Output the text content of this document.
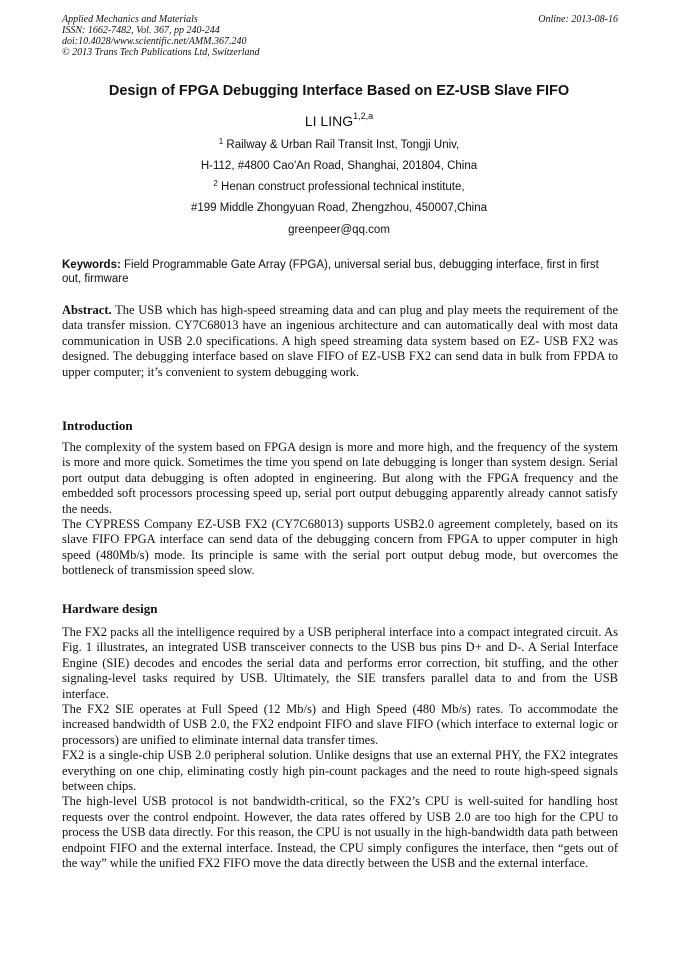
Applied Mechanics and Materials
ISSN: 1662-7482, Vol. 367, pp 240-244
doi:10.4028/www.scientific.net/AMM.367.240
© 2013 Trans Tech Publications Ltd, Switzerland
Online: 2013-08-16
Design of FPGA Debugging Interface Based on EZ-USB Slave FIFO
LI LING$^{1,2,a}$
$^1$ Railway & Urban Rail Transit Inst, Tongji Univ,
H-112, #4800 Cao'An Road, Shanghai, 201804, China
$^2$ Henan construct professional technical institute,
#199 Middle Zhongyuan Road, Zhengzhou, 450007,China
greenpeer@qq.com
Keywords: Field Programmable Gate Array (FPGA), universal serial bus, debugging interface, first in first out, firmware

Abstract. The USB which has high-speed streaming data and can plug and play meets the requirement of the data transfer mission. CY7C68013 have an ingenious architecture and can automatically deal with most data communication in USB 2.0 specifications. A high speed streaming data system based on EZ- USB FX2 was designed. The debugging interface based on slave FIFO of EZ-USB FX2 can send data in bulk from FPDA to upper computer; it’s convenient to system debugging work.

Introduction

The complexity of the system based on FPGA design is more and more high, and the frequency of the system is more and more quick. Sometimes the time you spend on late debugging is longer than system design. Serial port output data debugging is often adopted in engineering. But along with the FPGA frequency and the embedded soft processors processing speed up, serial port output debugging apparently already cannot satisfy the needs.

The CYPRESS Company EZ-USB FX2 (CY7C68013) supports USB2.0 agreement completely, based on its slave FIFO FPGA interface can send data of the debugging concern from FPGA to upper computer in high speed (480Mb/s) mode. Its principle is same with the serial port output debug mode, but overcomes the bottleneck of transmission speed slow.

Hardware design

The FX2 packs all the intelligence required by a USB peripheral interface into a compact integrated circuit. As Fig. 1 illustrates, an integrated USB transceiver connects to the USB bus pins D+ and D-. A Serial Interface Engine (SIE) decodes and encodes the serial data and performs error correction, bit stuffing, and the other signaling-level tasks required by USB. Ultimately, the SIE transfers parallel data to and from the USB interface.

The FX2 SIE operates at Full Speed (12 Mb/s) and High Speed (480 Mb/s) rates. To accommodate the increased bandwidth of USB 2.0, the FX2 endpoint FIFO and slave FIFO (which interface to external logic or processors) are unified to eliminate internal data transfer times.

FX2 is a single-chip USB 2.0 peripheral solution. Unlike designs that use an external PHY, the FX2 integrates everything on one chip, eliminating costly high pin-count packages and the need to route high-speed signals between chips.

The high-level USB protocol is not bandwidth-critical, so the FX2’s CPU is well-suited for handling host requests over the control endpoint. However, the data rates offered by USB 2.0 are too high for the CPU to process the USB data directly. For this reason, the CPU is not usually in the high-bandwidth data path between endpoint FIFO and the external interface. Instead, the CPU simply configures the interface, then “gets out of the way” while the unified FX2 FIFO move the data directly between the USB and the external interface.
